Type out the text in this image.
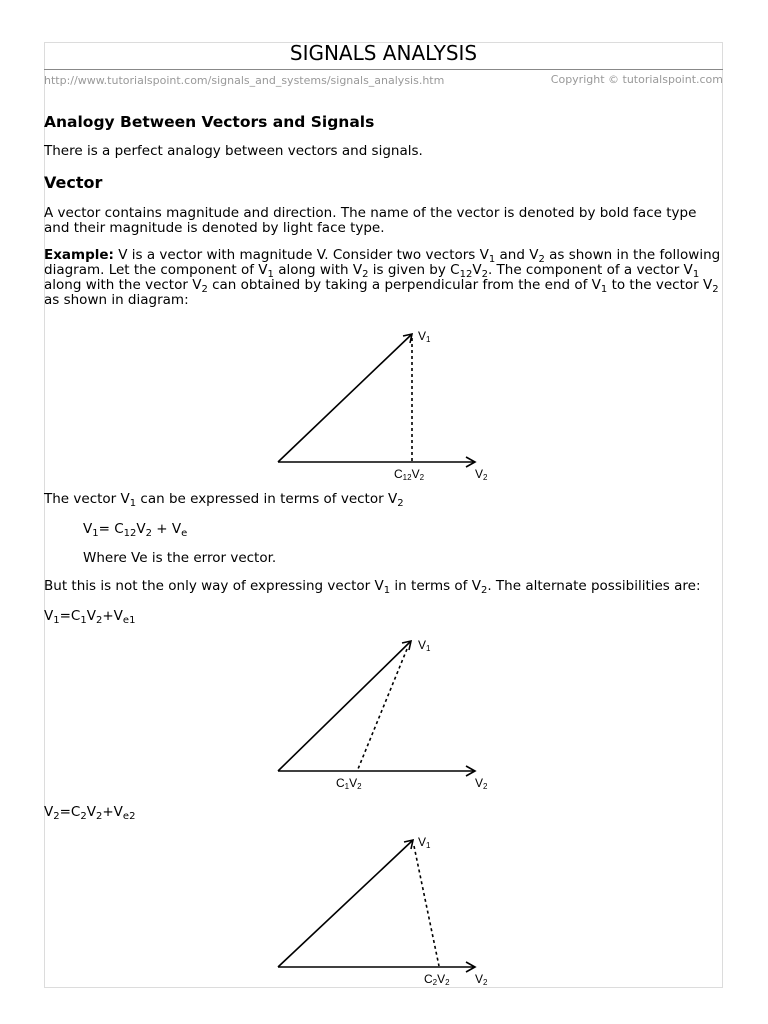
SIGNALS ANALYSIS
http://www.tutorialspoint.com/signals_and_systems/signals_analysis.htm	Copyright © tutorialspoint.com
Analogy Between Vectors and Signals

There is a perfect analogy between vectors and signals.

Vector

A vector contains magnitude and direction. The name of the vector is denoted by bold face type and their magnitude is denoted by light face type.

Example: V is a vector with magnitude V. Consider two vectors $V_1$ and $V_2$ as shown in the following diagram. Let the component of $V_1$ along with $V_2$ is given by $C_{12}V_2$. The component of a vector $V_1$ along with the vector $V_2$ can obtained by taking a perpendicular from the end of $V_1$ to the vector $V_2$ as shown in diagram:

V1
V2
C12V2

The vector $V_1$ can be expressed in terms of vector $V_2$

$V_1= C_{12}V_2 + V_e$

Where Ve is the error vector.

But this is not the only way of expressing vector $V_1$ in terms of $V_2$. The alternate possibilities are:

$V_1=C_1V_2+V_{e1}$

V1
V2
C1V2

$V_2=C_2V_2+V_{e2}$

V1
V2
C2V2
